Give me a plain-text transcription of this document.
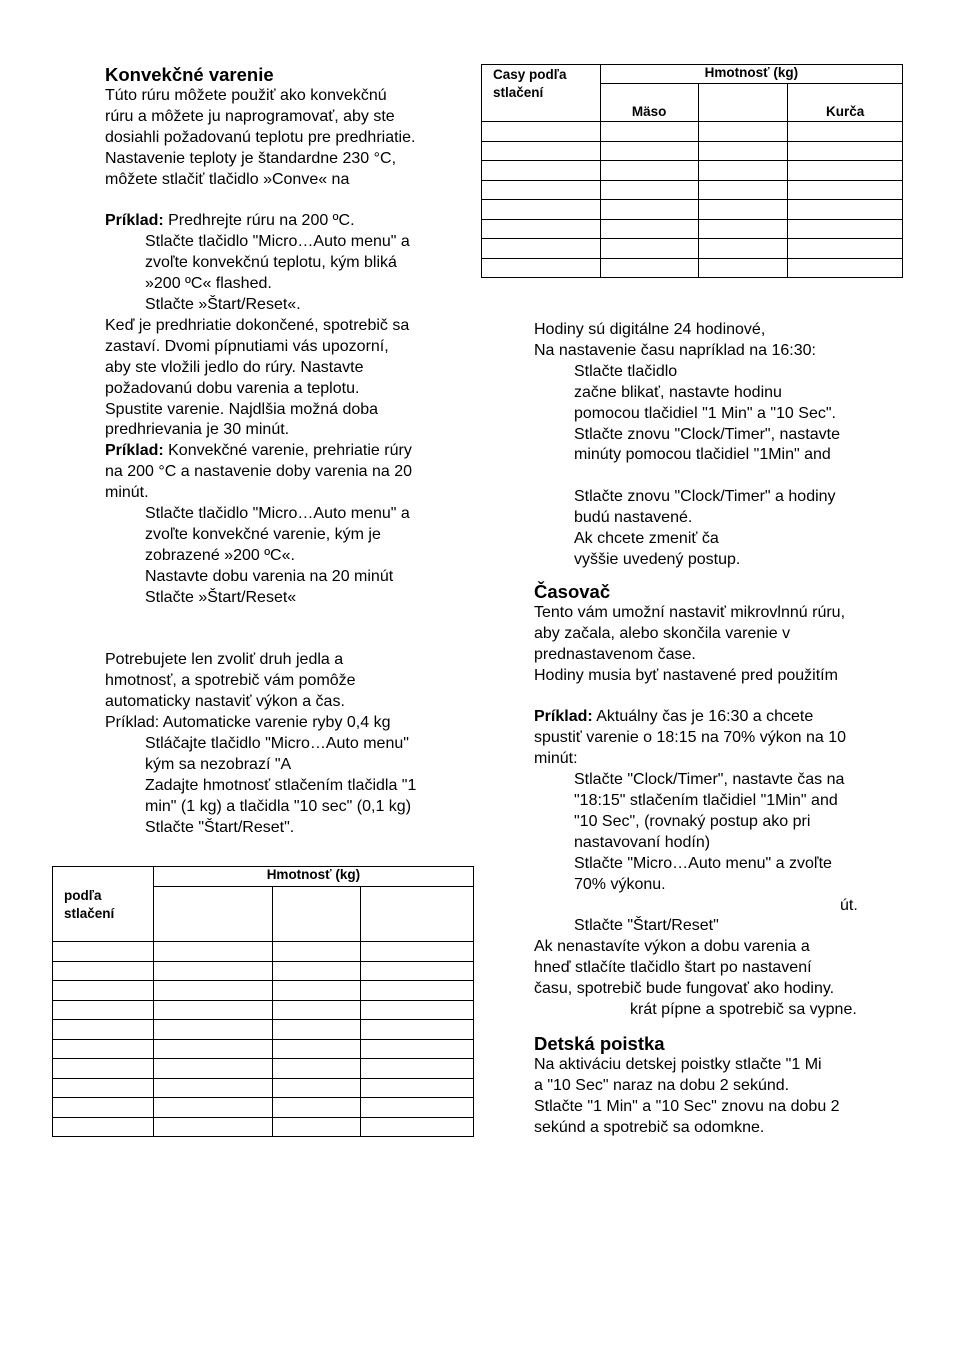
Konvekčné varenie

Túto rúru môžete použiť ako konvekčnú

rúru a môžete ju naprogramovať, aby ste

dosiahli požadovanú teplotu pre predhriatie.

Nastavenie teploty je štandardne 230 °C,

môžete stlačiť tlačidlo »Conve« na

Príklad: Predhrejte rúru na 200 ºC.

Stlačte tlačidlo "Micro…Auto menu" a

zvoľte konvekčnú teplotu, kým bliká

»200 ºC« flashed.

Stlačte »Štart/Reset«.

Keď je predhriatie dokončené, spotrebič sa

zastaví. Dvomi pípnutiami vás upozorní,

aby ste vložili jedlo do rúry. Nastavte

požadovanú dobu varenia a teplotu.

Spustite varenie. Najdlšia možná doba

predhrievania je 30 minút.

Príklad: Konvekčné varenie, prehriatie rúry

na 200 °C a nastavenie doby varenia na 20

minút.

Stlačte tlačidlo "Micro…Auto menu" a

zvoľte konvekčné varenie, kým je

zobrazené »200 ºC«.

Nastavte dobu varenia na 20 minút

Stlačte »Štart/Reset«

Potrebujete len zvoliť druh jedla a

hmotnosť, a spotrebič vám pomôže

automaticky nastaviť výkon a čas.

Príklad: Automaticke varenie ryby 0,4 kg

Stláčajte tlačidlo "Micro…Auto menu"

kým sa nezobrazí "A

Zadajte hmotnosť stlačením tlačidla "1

min" (1 kg) a tlačidla "10 sec" (0,1 kg)

Stlačte "Štart/Reset".

podľa
stlačení	Hmotnosť (kg)		

Casy podľa
stlačení	Hmotnosť (kg)		
	Mäso		Kurča

Hodiny sú digitálne 24 hodinové,

Na nastavenie času napríklad na 16:30:

Stlačte tlačidlo

začne blikať, nastavte hodinu

pomocou tlačidiel "1 Min" a "10 Sec".

Stlačte znovu "Clock/Timer", nastavte

minúty pomocou tlačidiel "1Min" and

Stlačte znovu "Clock/Timer" a hodiny

budú nastavené.

Ak chcete zmeniť ča

vyššie uvedený postup.

Časovač

Tento vám umožní nastaviť mikrovlnnú rúru,

aby začala, alebo skončila varenie v

prednastavenom čase.

Hodiny musia byť nastavené pred použitím

Príklad: Aktuálny čas je 16:30 a chcete

spustiť varenie o 18:15 na 70% výkon na 10

minút:

Stlačte "Clock/Timer", nastavte čas na

"18:15" stlačením tlačidiel "1Min" and

"10 Sec", (rovnaký postup ako pri

nastavovaní hodín)

Stlačte "Micro…Auto menu" a zvoľte

70% výkonu.

út.

Stlačte "Štart/Reset"

Ak nenastavíte výkon a dobu varenia a

hneď stlačíte tlačidlo štart po nastavení

času, spotrebič bude fungovať ako hodiny.

krát pípne a spotrebič sa vypne.

Detská poistka

Na aktiváciu detskej poistky stlačte "1 Mi

a "10 Sec" naraz na dobu 2 sekúnd.

Stlačte "1 Min" a "10 Sec" znovu na dobu 2

sekúnd a spotrebič sa odomkne.
